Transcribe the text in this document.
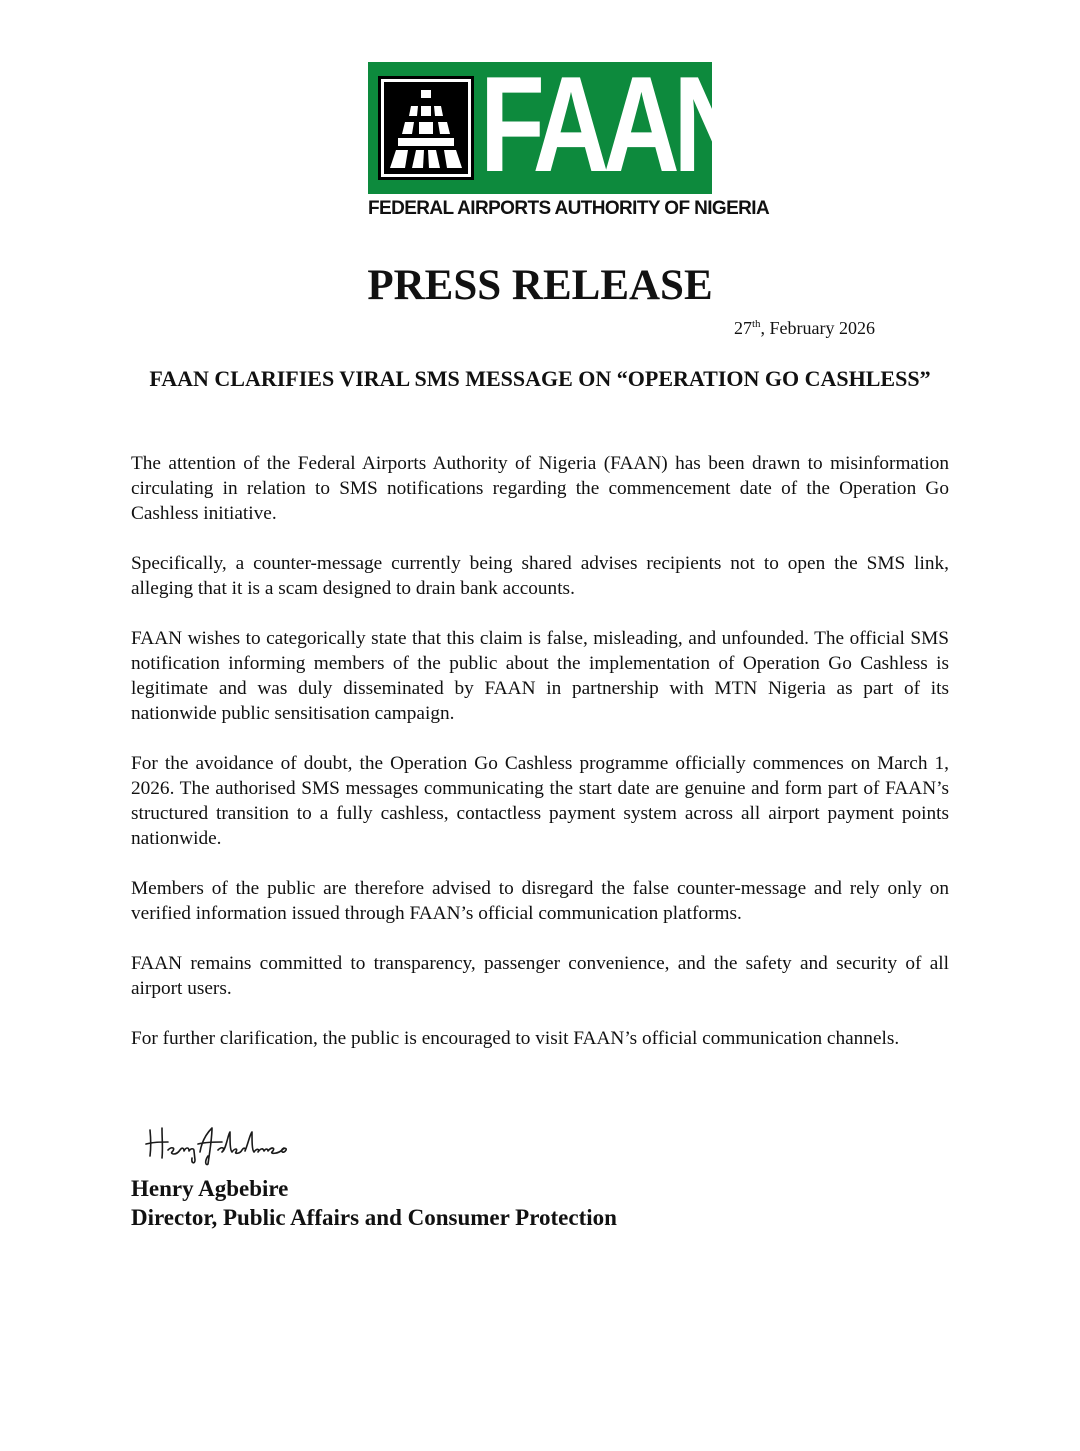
FAAN
FEDERAL AIRPORTS AUTHORITY OF NIGERIA
PRESS RELEASE
27th, February 2026
FAAN CLARIFIES VIRAL SMS MESSAGE ON “OPERATION GO CASHLESS”

The attention of the Federal Airports Authority of Nigeria (FAAN) has been drawn to misinformation circulating in relation to SMS notifications regarding the commencement date of the Operation Go Cashless initiative.

Specifically, a counter-message currently being shared advises recipients not to open the SMS link, alleging that it is a scam designed to drain bank accounts.

FAAN wishes to categorically state that this claim is false, misleading, and unfounded. The official SMS notification informing members of the public about the implementation of Operation Go Cashless is legitimate and was duly disseminated by FAAN in partnership with MTN Nigeria as part of its nationwide public sensitisation campaign.

For the avoidance of doubt, the Operation Go Cashless programme officially commences on March 1, 2026. The authorised SMS messages communicating the start date are genuine and form part of FAAN’s structured transition to a fully cashless, contactless payment system across all airport payment points nationwide.

Members of the public are therefore advised to disregard the false counter-message and rely only on verified information issued through FAAN’s official communication platforms.

FAAN remains committed to transparency, passenger convenience, and the safety and security of all airport users.

For further clarification, the public is encouraged to visit FAAN’s official communication channels.

Henry Agbebire
Director, Public Affairs and Consumer Protection
